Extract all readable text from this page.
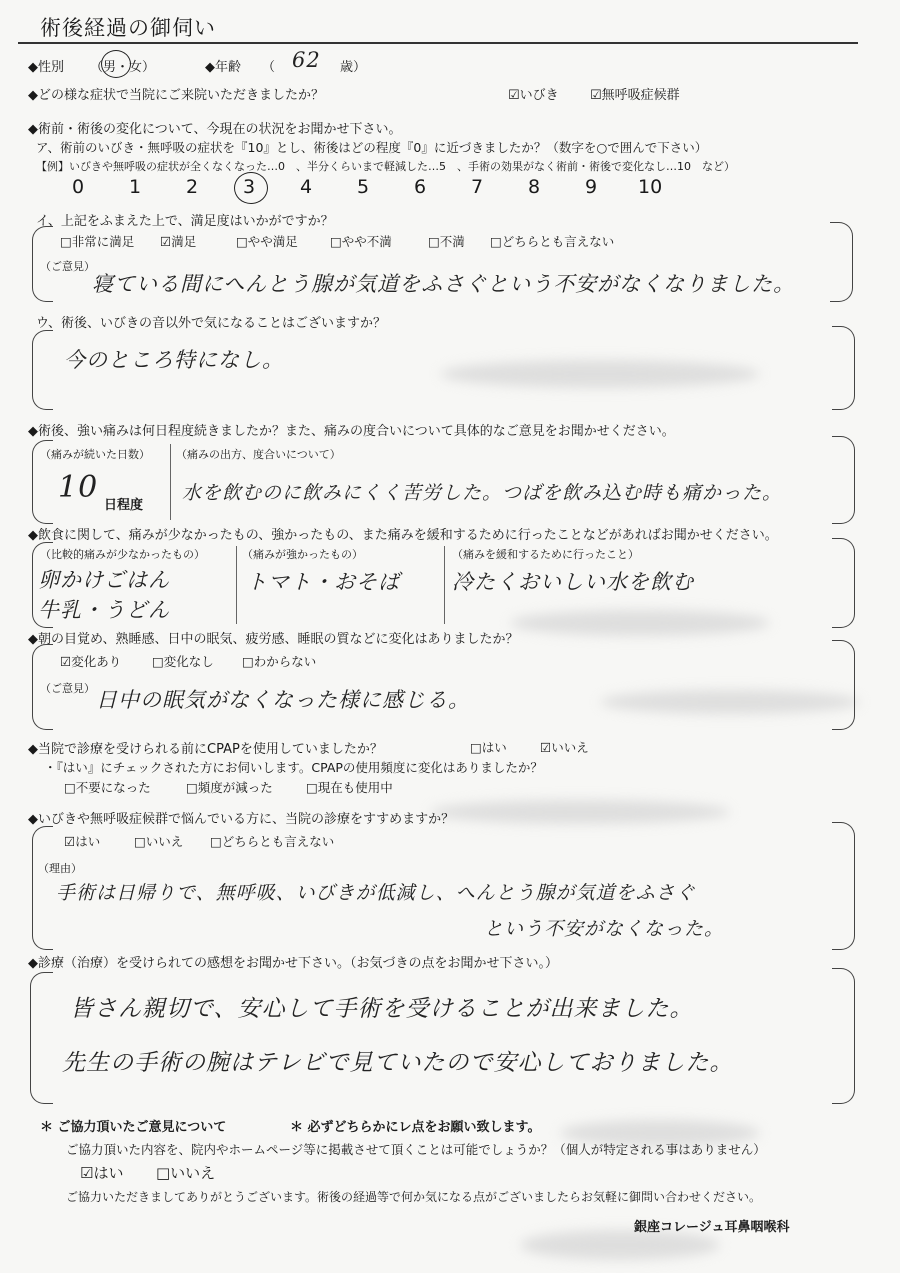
術後経過の御伺い
◆性別 （男・女）	◆年齢 （ 62 歳）
◆どの様な症状で当院にご来院いただきましたか？	☑いびき ☑無呼吸症候群
◆術前・術後の変化について、今現在の状況をお聞かせ下さい。
ア、術前のいびき・無呼吸の症状を『10』とし、術後はどの程度『0』に近づきましたか？（数字を○で囲んで下さい）
【例】いびきや無呼吸の症状が全くなくなった…0　、半分くらいまで軽減した…5　、手術の効果がなく術前・術後で変化なし…10　など）
0 1 2 3 4 5 6 7 8 9 10
イ、上記をふまえた上で、満足度はいかがですか？
□非常に満足 ☑満足	□やや満足	□やや不満	□不満 □どちらとも言えない
（ご意見）
寝ている間にへんとう腺が気道をふさぐという不安がなくなりました。
ウ、術後、いびきの音以外で気になることはございますか？
今のところ特になし。
◆術後、強い痛みは何日程度続きましたか？また、痛みの度合いについて具体的なご意見をお聞かせください。
（痛みが続いた日数）
10
日程度
（痛みの出方、度合いについて）
水を飲むのに飲みにくく苦労した。つばを飲み込む時も痛かった。
◆飲食に関して、痛みが少なかったもの、強かったもの、また痛みを緩和するために行ったことなどがあればお聞かせください。
（比較的痛みが少なかったもの）
卵かけごはん
牛乳・うどん
（痛みが強かったもの）
トマト・おそば
（痛みを緩和するために行ったこと）
冷たくおいしい水を飲む
◆朝の目覚め、熟睡感、日中の眠気、疲労感、睡眠の質などに変化はありましたか？
☑変化あり □変化なし □わからない
（ご意見） 日中の眠気がなくなった様に感じる。
◆当院で診療を受けられる前にCPAPを使用していましたか？	□はい	☑いいえ
・『はい』にチェックされた方にお伺いします。CPAPの使用頻度に変化はありましたか？
□不要になった	□頻度が減った	□現在も使用中
◆いびきや無呼吸症候群で悩んでいる方に、当院の診療をすすめますか？
☑はい	□いいえ □どちらとも言えない
（理由）
手術は日帰りで、無呼吸、いびきが低減し、へんとう腺が気道をふさぐ
という不安がなくなった。
◆診療（治療）を受けられての感想をお聞かせ下さい。（お気づきの点をお聞かせ下さい。）
皆さん親切で、安心して手術を受けることが出来ました。
先生の手術の腕はテレビで見ていたので安心しておりました。
＊ ご協力頂いたご意見について	＊ 必ずどちらかにレ点をお願い致します。
ご協力頂いた内容を、院内やホームページ等に掲載させて頂くことは可能でしょうか？（個人が特定される事はありません）
☑はい □いいえ
ご協力いただきましてありがとうございます。術後の経過等で何か気になる点がございましたらお気軽に御問い合わせください。
銀座コレージュ耳鼻咽喉科
